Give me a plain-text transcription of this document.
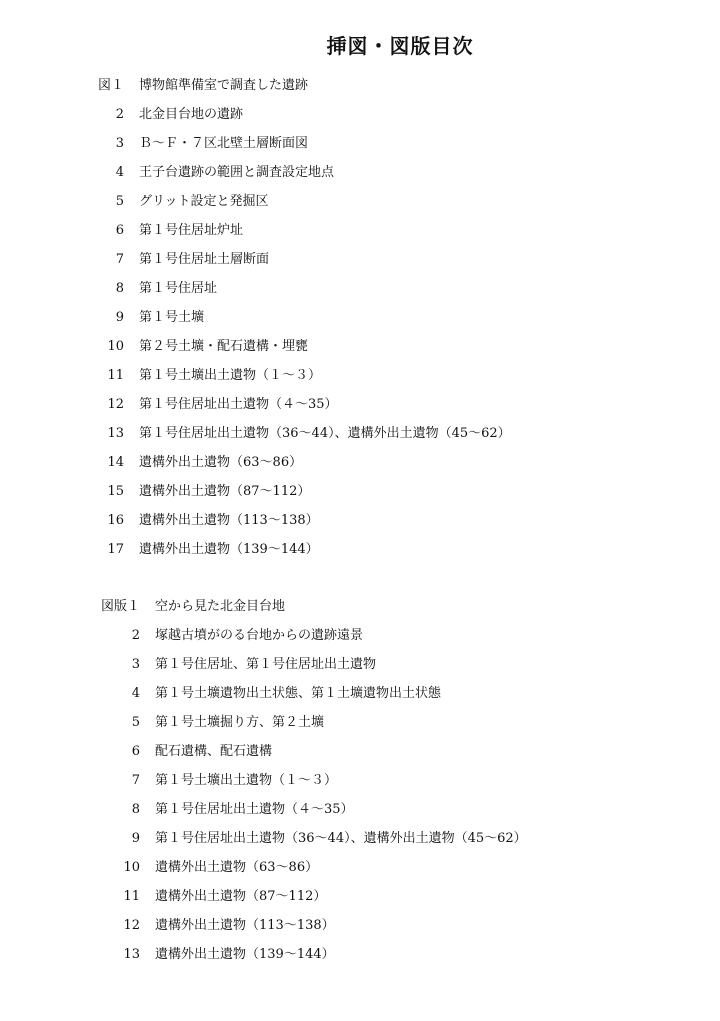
挿図・図版目次
図１ 博物館準備室で調査した遺跡
2 北金目台地の遺跡
3 Ｂ～Ｆ・７区北壁土層断面図
4 王子台遺跡の範囲と調査設定地点
5 グリット設定と発掘区
6 第１号住居址炉址
7 第１号住居址土層断面
8 第１号住居址
9 第１号土壙
10 第２号土壙・配石遺構・埋甕
11 第１号土壙出土遺物（１～３）
12 第１号住居址出土遺物（４～35）
13 第１号住居址出土遺物（36～44）、遺構外出土遺物（45～62）
14 遺構外出土遺物（63～86）
15 遺構外出土遺物（87～112）
16 遺構外出土遺物（113～138）
17 遺構外出土遺物（139～144）
図版１ 空から見た北金目台地
2 塚越古墳がのる台地からの遺跡遠景
3 第１号住居址、第１号住居址出土遺物
4 第１号土壙遺物出土状態、第１土壙遺物出土状態
5 第１号土壙掘り方、第２土壙
6 配石遺構、配石遺構
7 第１号土壙出土遺物（１～３）
8 第１号住居址出土遺物（４～35）
9 第１号住居址出土遺物（36～44）、遺構外出土遺物（45～62）
10 遺構外出土遺物（63～86）
11 遺構外出土遺物（87～112）
12 遺構外出土遺物（113～138）
13 遺構外出土遺物（139～144）
